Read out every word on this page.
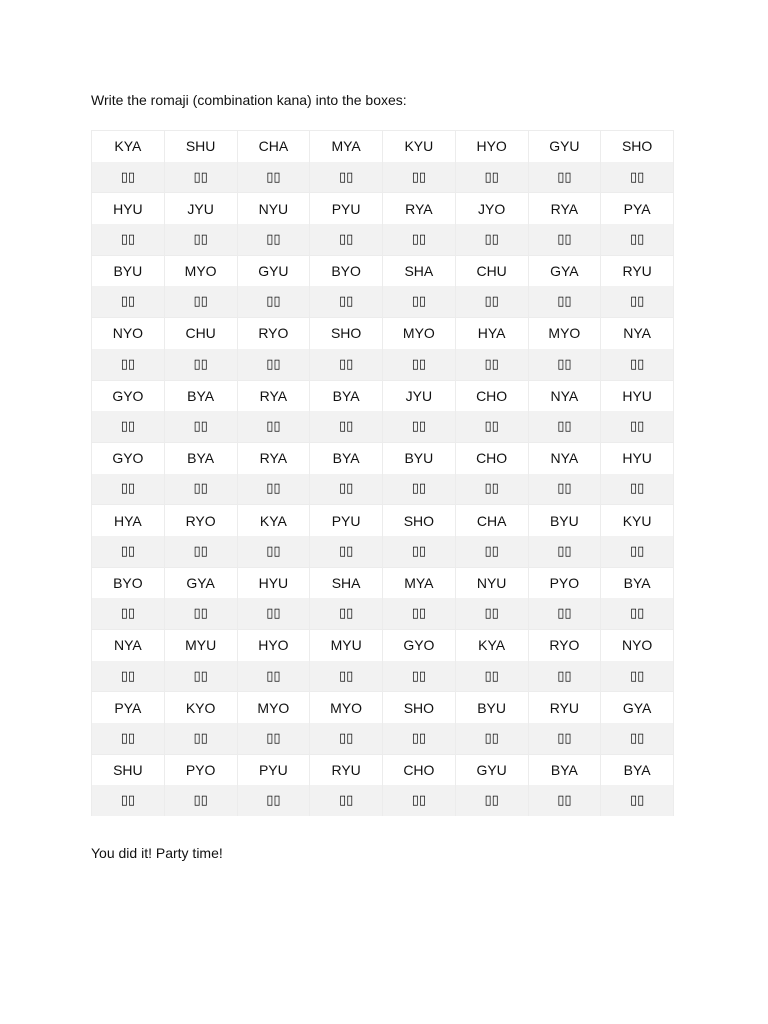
Write the romaji (combination kana) into the boxes:
KYA	SHU	CHA	MYA	KYU	HYO	GYU	SHO
▯▯	▯▯	▯▯	▯▯	▯▯	▯▯	▯▯	▯▯
HYU	JYU	NYU	PYU	RYA	JYO	RYA	PYA
▯▯	▯▯	▯▯	▯▯	▯▯	▯▯	▯▯	▯▯
BYU	MYO	GYU	BYO	SHA	CHU	GYA	RYU
▯▯	▯▯	▯▯	▯▯	▯▯	▯▯	▯▯	▯▯
NYO	CHU	RYO	SHO	MYO	HYA	MYO	NYA
▯▯	▯▯	▯▯	▯▯	▯▯	▯▯	▯▯	▯▯
GYO	BYA	RYA	BYA	JYU	CHO	NYA	HYU
▯▯	▯▯	▯▯	▯▯	▯▯	▯▯	▯▯	▯▯
GYO	BYA	RYA	BYA	BYU	CHO	NYA	HYU
▯▯	▯▯	▯▯	▯▯	▯▯	▯▯	▯▯	▯▯
HYA	RYO	KYA	PYU	SHO	CHA	BYU	KYU
▯▯	▯▯	▯▯	▯▯	▯▯	▯▯	▯▯	▯▯
BYO	GYA	HYU	SHA	MYA	NYU	PYO	BYA
▯▯	▯▯	▯▯	▯▯	▯▯	▯▯	▯▯	▯▯
NYA	MYU	HYO	MYU	GYO	KYA	RYO	NYO
▯▯	▯▯	▯▯	▯▯	▯▯	▯▯	▯▯	▯▯
PYA	KYO	MYO	MYO	SHO	BYU	RYU	GYA
▯▯	▯▯	▯▯	▯▯	▯▯	▯▯	▯▯	▯▯
SHU	PYO	PYU	RYU	CHO	GYU	BYA	BYA
▯▯	▯▯	▯▯	▯▯	▯▯	▯▯	▯▯	▯▯
You did it! Party time!
